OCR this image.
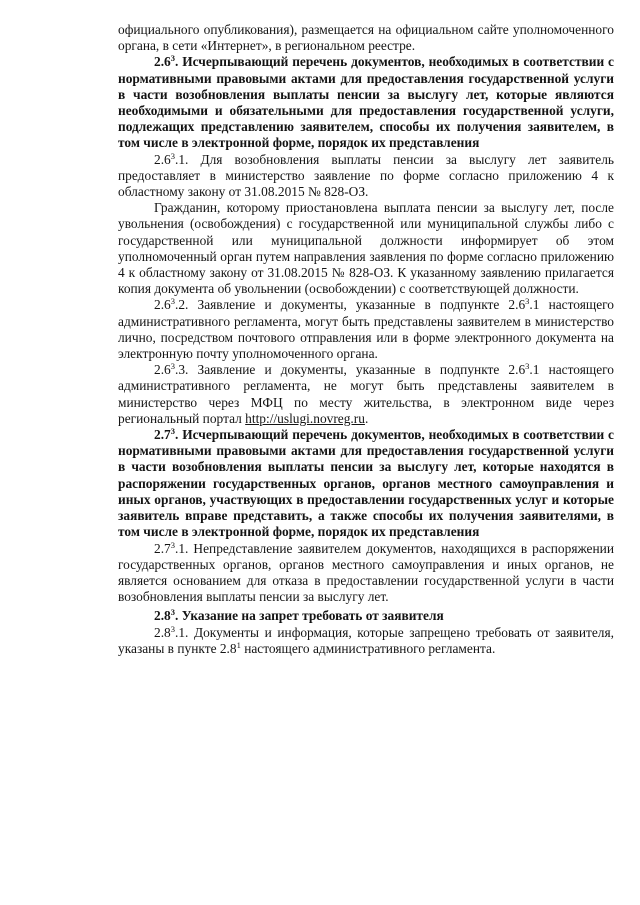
официального опубликования), размещается на официальном сайте уполномоченного органа, в сети «Интернет», в региональном реестре.

$2.6^3$. Исчерпывающий перечень документов, необходимых в соответствии с нормативными правовыми актами для предоставления государственной услуги в части возобновления выплаты пенсии за выслугу лет, которые являются необходимыми и обязательными для предоставления государственной услуги, подлежащих представлению заявителем, способы их получения заявителем, в том числе в электронной форме, порядок их представления

$2.6^3.1$. Для возобновления выплаты пенсии за выслугу лет заявитель предоставляет в министерство заявление по форме согласно приложению 4 к областному закону от 31.08.2015 № 828-ОЗ.

Гражданин, которому приостановлена выплата пенсии за выслугу лет, после увольнения (освобождения) с государственной или муниципальной службы либо с государственной или муниципальной должности информирует об этом уполномоченный орган путем направления заявления по форме согласно приложению 4 к областному закону от 31.08.2015 № 828-ОЗ. К указанному заявлению прилагается копия документа об увольнении (освобождении) с соответствующей должности.

$2.6^3.2$. Заявление и документы, указанные в подпункте $2.6^3.1$ настоящего административного регламента, могут быть представлены заявителем в министерство лично, посредством почтового отправления или в форме электронного документа на электронную почту уполномоченного органа.

$2.6^3.3$. Заявление и документы, указанные в подпункте $2.6^3.1$ настоящего административного регламента, не могут быть представлены заявителем в министерство через МФЦ по месту жительства, в электронном виде через региональный портал http://uslugi.novreg.ru.

$2.7^3$. Исчерпывающий перечень документов, необходимых в соответствии с нормативными правовыми актами для предоставления государственной услуги в части возобновления выплаты пенсии за выслугу лет, которые находятся в распоряжении государственных органов, органов местного самоуправления и иных органов, участвующих в предоставлении государственных услуг и которые заявитель вправе представить, а также способы их получения заявителями, в том числе в электронной форме, порядок их представления

$2.7^3.1$. Непредставление заявителем документов, находящихся в распоряжении государственных органов, органов местного самоуправления и иных органов, не является основанием для отказа в предоставлении государственной услуги в части возобновления выплаты пенсии за выслугу лет.

$2.8^3$. Указание на запрет требовать от заявителя

$2.8^3.1$. Документы и информация, которые запрещено требовать от заявителя, указаны в пункте $2.8^1$ настоящего административного регламента.
